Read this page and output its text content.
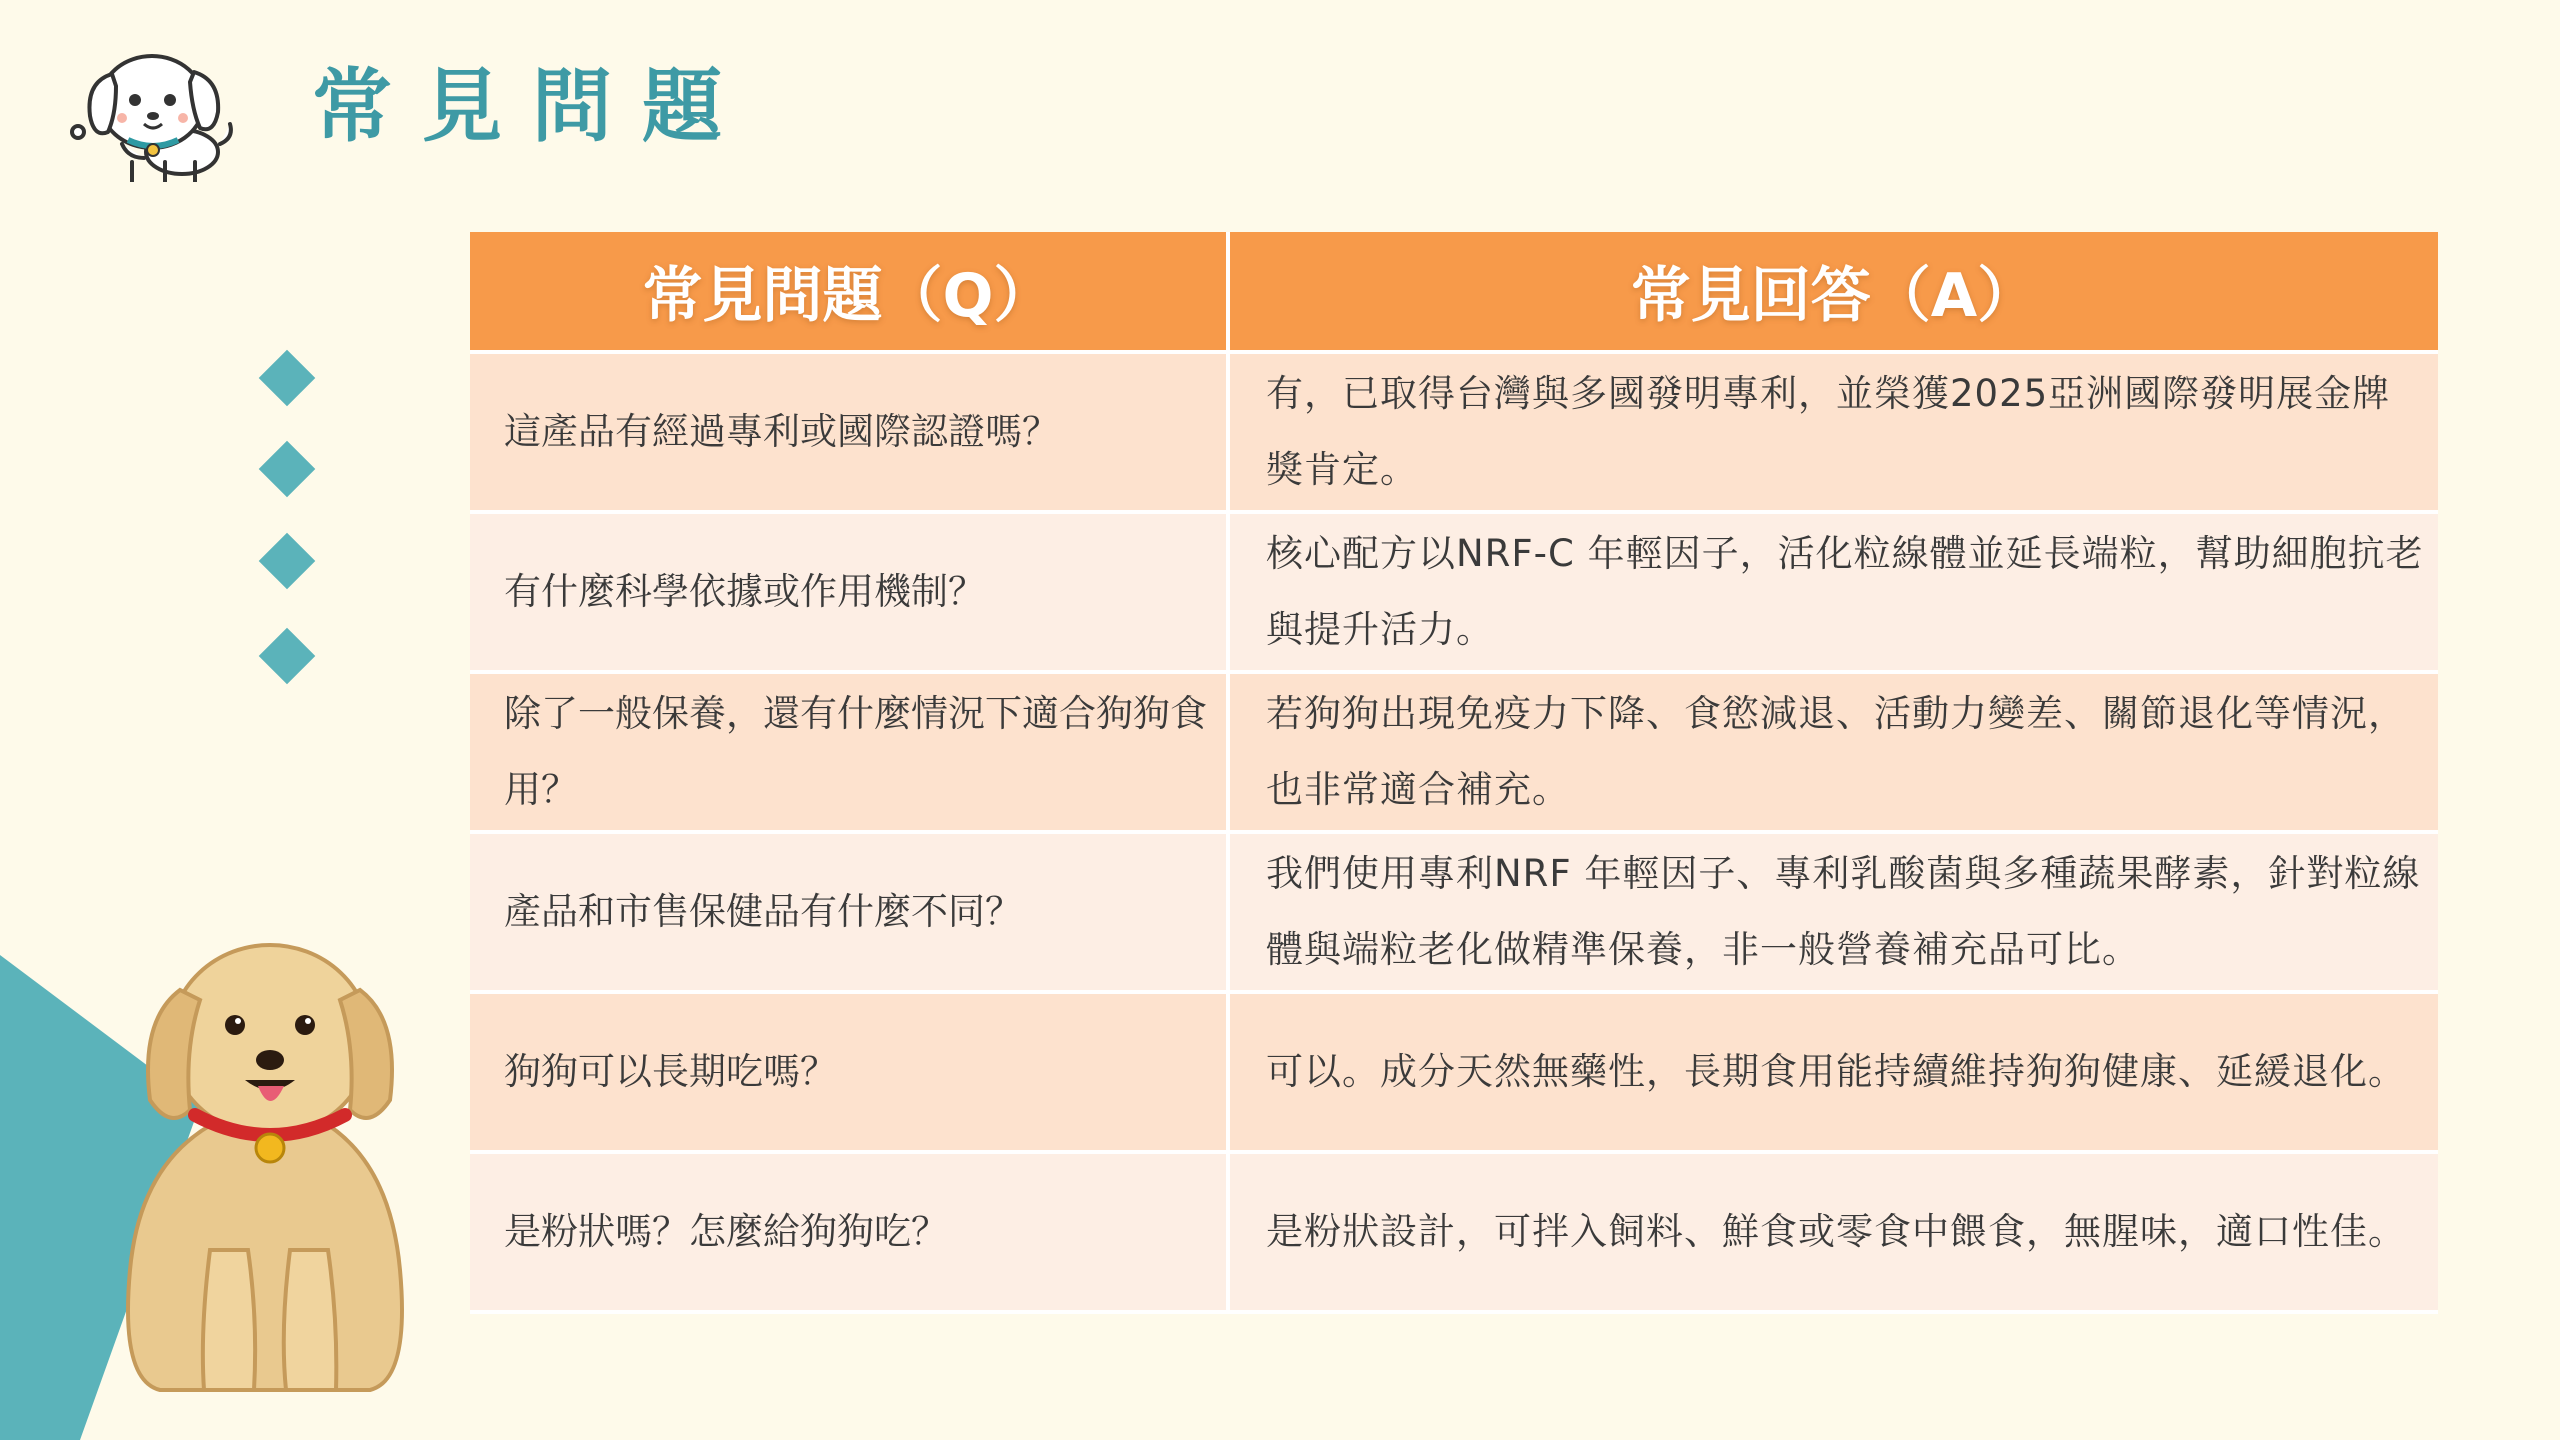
常見問題
常見問題（Q）	常見回答（A）
這產品有經過專利或國際認證嗎？	有，已取得台灣與多國發明專利，並榮獲2025亞洲國際發明展金牌獎肯定。
有什麼科學依據或作用機制？	核心配方以NRF-C 年輕因子，活化粒線體並延長端粒，幫助細胞抗老與提升活力。
除了一般保養，還有什麼情況下適合狗狗食用？	若狗狗出現免疫力下降、食慾減退、活動力變差、關節退化等情況，也非常適合補充。
產品和市售保健品有什麼不同？	我們使用專利NRF 年輕因子、專利乳酸菌與多種蔬果酵素，針對粒線體與端粒老化做精準保養，非一般營養補充品可比。
狗狗可以長期吃嗎？	可以。成分天然無藥性，長期食用能持續維持狗狗健康、延緩退化。
是粉狀嗎？怎麼給狗狗吃？	是粉狀設計，可拌入飼料、鮮食或零食中餵食，無腥味，適口性佳。
